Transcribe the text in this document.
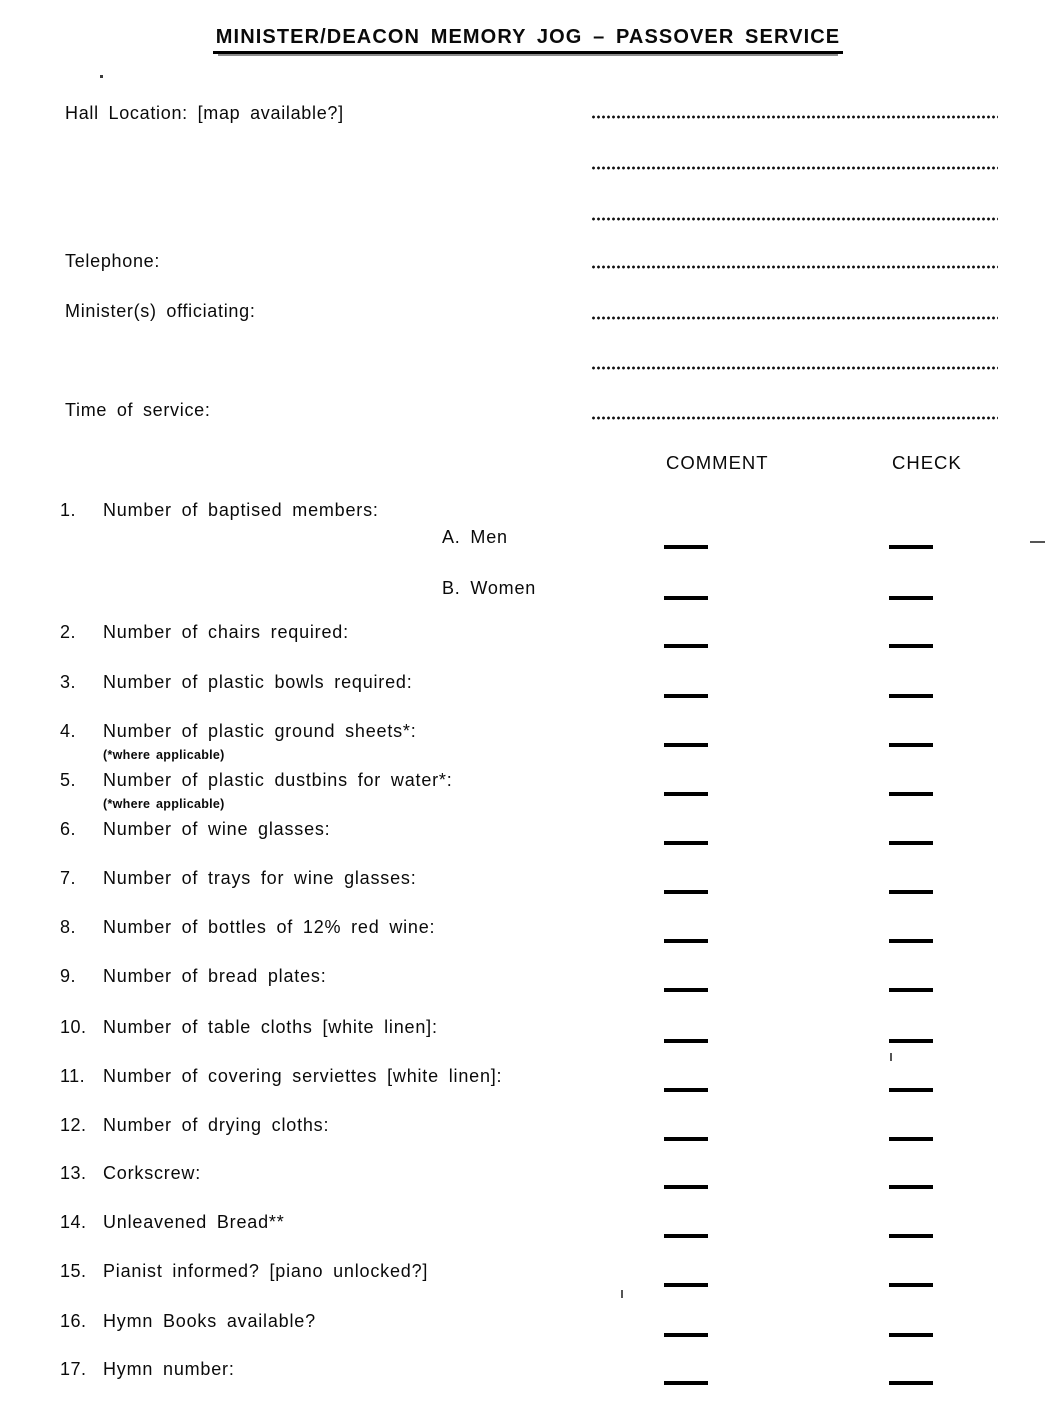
MINISTER/DEACON MEMORY JOG – PASSOVER SERVICE
Hall Location: [map available?]
Telephone:
Minister(s) officiating:
Time of service:
COMMENT	CHECK
1. Number of baptised members:
A. Men
B. Women
2. Number of chairs required:
3. Number of plastic bowls required:
4. Number of plastic ground sheets*:
(*where applicable)
5. Number of plastic dustbins for water*:
(*where applicable)
6. Number of wine glasses:
7. Number of trays for wine glasses:
8. Number of bottles of 12% red wine:
9. Number of bread plates:
10. Number of table cloths [white linen]:
11. Number of covering serviettes [white linen]:
12. Number of drying cloths:
13. Corkscrew:
14. Unleavened Bread**
15. Pianist informed? [piano unlocked?]
16. Hymn Books available?
17. Hymn number:
